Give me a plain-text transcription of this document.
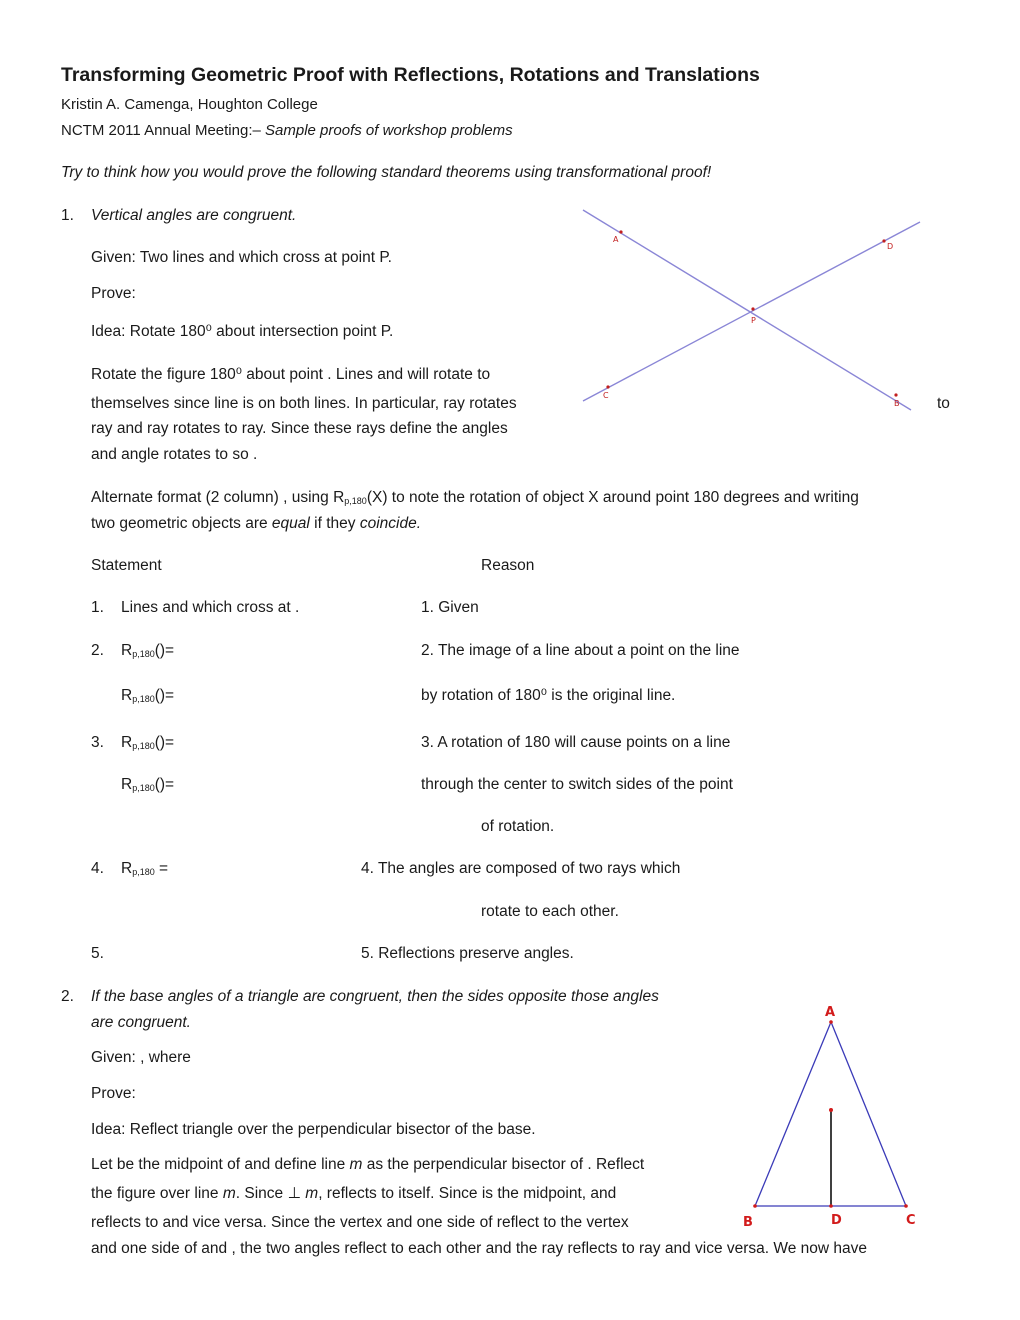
Transforming Geometric Proof with Reflections, Rotations and Translations
Kristin A. Camenga, Houghton College
NCTM 2011 Annual Meeting:– Sample proofs of workshop problems
Try to think how you would prove the following standard theorems using transformational proof!
1. Vertical angles are congruent.
Given: Two lines and which cross at point P.
Prove:
Idea: Rotate 180⁰ about intersection point P.
Rotate the figure 180⁰ about point . Lines and will rotate to
themselves since line is on both lines. In particular, ray rotates	to
ray and ray rotates to ray. Since these rays define the angles
and angle rotates to so .
A
D
P
C
B
Alternate format (2 column) , using $R_{p,180}(X)$ to note the rotation of object X around point 180 degrees and writing
two geometric objects are equal if they coincide.
Statement	Reason
1. Lines and which cross at .	1. Given
2. $R_{p,180}()=$	2. The image of a line about a point on the line
$R_{p,180}()=$	by rotation of 180⁰ is the original line.
3. $R_{p,180}()=$	3. A rotation of 180 will cause points on a line
$R_{p,180}()=$	through the center to switch sides of the point
of rotation.
4. $R_{p,180}$ =	4. The angles are composed of two rays which
rotate to each other.
5.	5. Reflections preserve angles.
2. If the base angles of a triangle are congruent, then the sides opposite those angles
are congruent.
Given: , where
Prove:
Idea: Reflect triangle over the perpendicular bisector of the base.
Let be the midpoint of and define line m as the perpendicular bisector of . Reflect
the figure over line m. Since ⊥ m, reflects to itself. Since is the midpoint, and
reflects to and vice versa. Since the vertex and one side of reflect to the vertex
and one side of and , the two angles reflect to each other and the ray reflects to ray and vice versa. We now have
A
B	D	C
